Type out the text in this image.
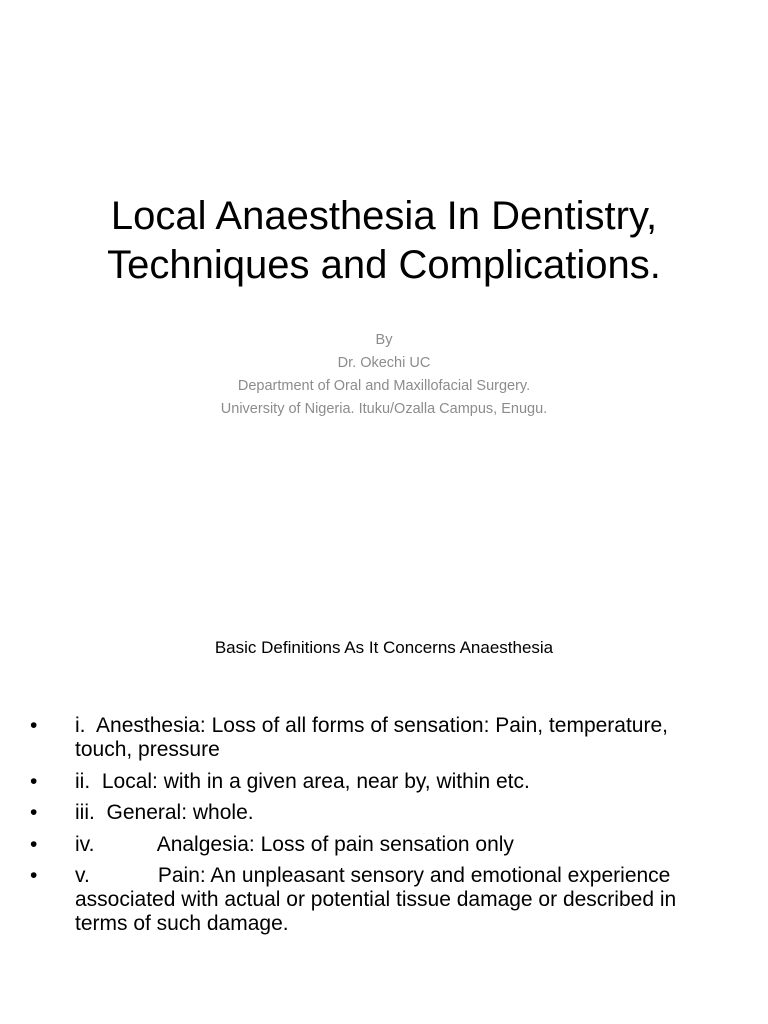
Local Anaesthesia In Dentistry,
Techniques and Complications.
By
Dr. Okechi UC
Department of Oral and Maxillofacial Surgery.
University of Nigeria. Ituku/Ozalla Campus, Enugu.
Basic Definitions As It Concerns Anaesthesia
• i.  Anesthesia: Loss of all forms of sensation: Pain, temperature, touch, pressure
• ii.  Local: with in a given area, near by, within etc.
• iii.  General: whole.
• iv.	Analgesia: Loss of pain sensation only
• v.	Pain: An unpleasant sensory and emotional experience associated with actual or potential tissue damage or described in terms of such damage.
